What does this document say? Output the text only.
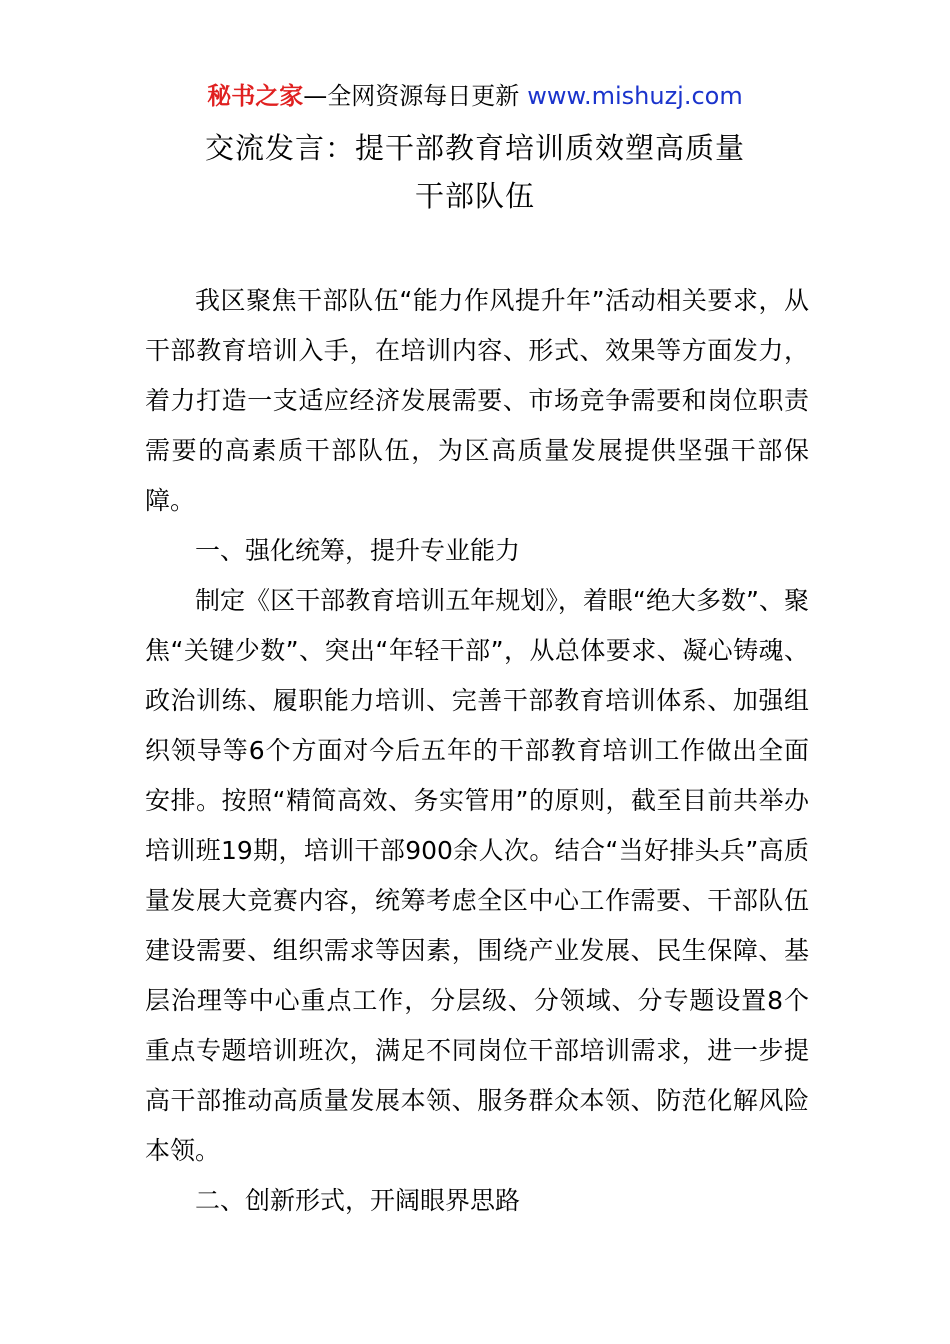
秘书之家—全网资源每日更新 www.mishuzj.com
交流发言：提干部教育培训质效塑高质量
干部队伍

我区聚焦干部队伍“能力作风提升年”活动相关要求，从干部教育培训入手，在培训内容、形式、效果等方面发力，着力打造一支适应经济发展需要、市场竞争需要和岗位职责需要的高素质干部队伍，为区高质量发展提供坚强干部保障。

一、强化统筹，提升专业能力

制定《区干部教育培训五年规划》，着眼“绝大多数”、聚焦“关键少数”、突出“年轻干部”，从总体要求、凝心铸魂、政治训练、履职能力培训、完善干部教育培训体系、加强组织领导等6个方面对今后五年的干部教育培训工作做出全面安排。按照“精简高效、务实管用”的原则，截至目前共举办培训班19期，培训干部900余人次。结合“当好排头兵”高质量发展大竞赛内容，统筹考虑全区中心工作需要、干部队伍建设需要、组织需求等因素，围绕产业发展、民生保障、基层治理等中心重点工作，分层级、分领域、分专题设置8个重点专题培训班次，满足不同岗位干部培训需求，进一步提高干部推动高质量发展本领、服务群众本领、防范化解风险本领。

二、创新形式，开阔眼界思路
